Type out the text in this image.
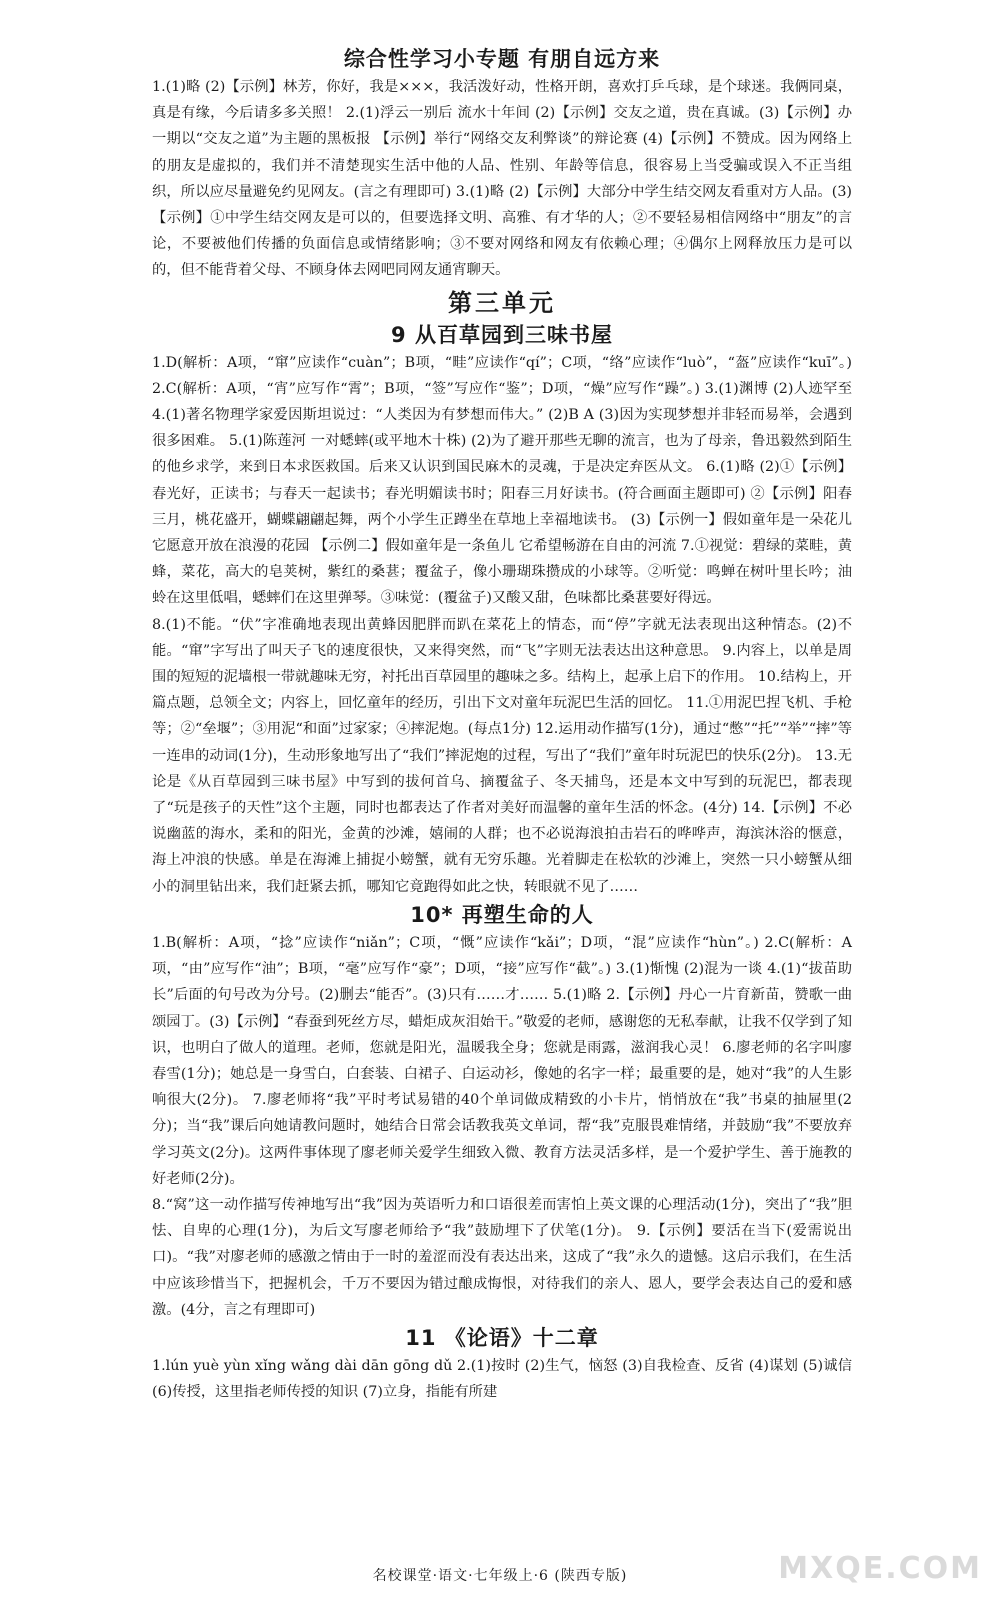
综合性学习小专题 有朋自远方来

1.(1)略 (2)【示例】林芳，你好，我是×××，我活泼好动，性格开朗，喜欢打乒乓球，是个球迷。我俩同桌，真是有缘，今后请多多关照！ 2.(1)浮云一别后 流水十年间 (2)【示例】交友之道，贵在真诚。(3)【示例】办一期以“交友之道”为主题的黑板报 【示例】举行“网络交友利弊谈”的辩论赛 (4)【示例】不赞成。因为网络上的朋友是虚拟的，我们并不清楚现实生活中他的人品、性别、年龄等信息，很容易上当受骗或误入不正当组织，所以应尽量避免约见网友。(言之有理即可) 3.(1)略 (2)【示例】大部分中学生结交网友看重对方人品。(3)【示例】①中学生结交网友是可以的，但要选择文明、高雅、有才华的人；②不要轻易相信网络中“朋友”的言论，不要被他们传播的负面信息或情绪影响；③不要对网络和网友有依赖心理；④偶尔上网释放压力是可以的，但不能背着父母、不顾身体去网吧同网友通宵聊天。

第三单元
9 从百草园到三味书屋

1.D(解析：A项，“窜”应读作“cuàn”；B项，“畦”应读作“qí”；C项，“络”应读作“luò”，“盔”应读作“kuī”。) 2.C(解析：A项，“宵”应写作“霄”；B项，“签”写应作“鉴”；D项，“燥”应写作“躁”。) 3.(1)渊博 (2)人迹罕至 4.(1)著名物理学家爱因斯坦说过：“人类因为有梦想而伟大。” (2)B A (3)因为实现梦想并非轻而易举，会遇到很多困难。 5.(1)陈莲河 一对蟋蟀(或平地木十株) (2)为了避开那些无聊的流言，也为了母亲，鲁迅毅然到陌生的他乡求学，来到日本求医救国。后来又认识到国民麻木的灵魂，于是决定弃医从文。 6.(1)略 (2)①【示例】春光好，正读书；与春天一起读书；春光明媚读书时；阳春三月好读书。(符合画面主题即可) ②【示例】阳春三月，桃花盛开，蝴蝶翩翩起舞，两个小学生正蹲坐在草地上幸福地读书。 (3)【示例一】假如童年是一朵花儿 它愿意开放在浪漫的花园 【示例二】假如童年是一条鱼儿 它希望畅游在自由的河流 7.①视觉：碧绿的菜畦，黄蜂，菜花，高大的皂荚树，紫红的桑葚；覆盆子，像小珊瑚珠攒成的小球等。②听觉：鸣蝉在树叶里长吟；油蛉在这里低唱，蟋蟀们在这里弹琴。③味觉：(覆盆子)又酸又甜，色味都比桑葚要好得远。

8.(1)不能。“伏”字准确地表现出黄蜂因肥胖而趴在菜花上的情态，而“停”字就无法表现出这种情态。(2)不能。“窜”字写出了叫天子飞的速度很快，又来得突然，而“飞”字则无法表达出这种意思。 9.内容上，以单是周围的短短的泥墙根一带就趣味无穷，衬托出百草园里的趣味之多。结构上，起承上启下的作用。 10.结构上，开篇点题，总领全文；内容上，回忆童年的经历，引出下文对童年玩泥巴生活的回忆。 11.①用泥巴捏飞机、手枪等；②“垒堰”；③用泥“和面”过家家；④摔泥炮。(每点1分) 12.运用动作描写(1分)，通过“憋”“托”“举”“摔”等一连串的动词(1分)，生动形象地写出了“我们”摔泥炮的过程，写出了“我们”童年时玩泥巴的快乐(2分)。 13.无论是《从百草园到三味书屋》中写到的拔何首乌、摘覆盆子、冬天捕鸟，还是本文中写到的玩泥巴，都表现了“玩是孩子的天性”这个主题，同时也都表达了作者对美好而温馨的童年生活的怀念。(4分) 14.【示例】不必说幽蓝的海水，柔和的阳光，金黄的沙滩，嬉闹的人群；也不必说海浪拍击岩石的哗哗声，海滨沐浴的惬意，海上冲浪的快感。单是在海滩上捕捉小螃蟹，就有无穷乐趣。光着脚走在松软的沙滩上，突然一只小螃蟹从细小的洞里钻出来，我们赶紧去抓，哪知它竟跑得如此之快，转眼就不见了……

10* 再塑生命的人

1.B(解析：A项，“捻”应读作“niǎn”；C项，“慨”应读作“kǎi”；D项，“混”应读作“hùn”。) 2.C(解析：A项，“由”应写作“油”；B项，“毫”应写作“豪”；D项，“接”应写作“截”。) 3.(1)惭愧 (2)混为一谈 4.(1)“拔苗助长”后面的句号改为分号。(2)删去“能否”。(3)只有……才…… 5.(1)略 2.【示例】丹心一片育新苗，赞歌一曲颂园丁。(3)【示例】“春蚕到死丝方尽，蜡炬成灰泪始干。”敬爱的老师，感谢您的无私奉献，让我不仅学到了知识，也明白了做人的道理。老师，您就是阳光，温暖我全身；您就是雨露，滋润我心灵！ 6.廖老师的名字叫廖春雪(1分)；她总是一身雪白，白套装、白裙子、白运动衫，像她的名字一样；最重要的是，她对“我”的人生影响很大(2分)。 7.廖老师将“我”平时考试易错的40个单词做成精致的小卡片，悄悄放在“我”书桌的抽屉里(2分)；当“我”课后向她请教问题时，她结合日常会话教我英文单词，帮“我”克服畏难情绪，并鼓励“我”不要放弃学习英文(2分)。这两件事体现了廖老师关爱学生细致入微、教育方法灵活多样，是一个爱护学生、善于施教的好老师(2分)。

8.“窝”这一动作描写传神地写出“我”因为英语听力和口语很差而害怕上英文课的心理活动(1分)，突出了“我”胆怯、自卑的心理(1分)，为后文写廖老师给予“我”鼓励埋下了伏笔(1分)。 9.【示例】要活在当下(爱需说出口)。“我”对廖老师的感激之情由于一时的羞涩而没有表达出来，这成了“我”永久的遗憾。这启示我们，在生活中应该珍惜当下，把握机会，千万不要因为错过酿成悔恨，对待我们的亲人、恩人，要学会表达自己的爱和感激。(4分，言之有理即可)

11 《论语》十二章

1.lún yuè yùn xǐng wǎng dài dān gōng dǔ 2.(1)按时 (2)生气，恼怒 (3)自我检查、反省 (4)谋划 (5)诚信 (6)传授，这里指老师传授的知识 (7)立身，指能有所建

名校课堂·语文·七年级上·6 (陕西专版)	MXQE.COM
